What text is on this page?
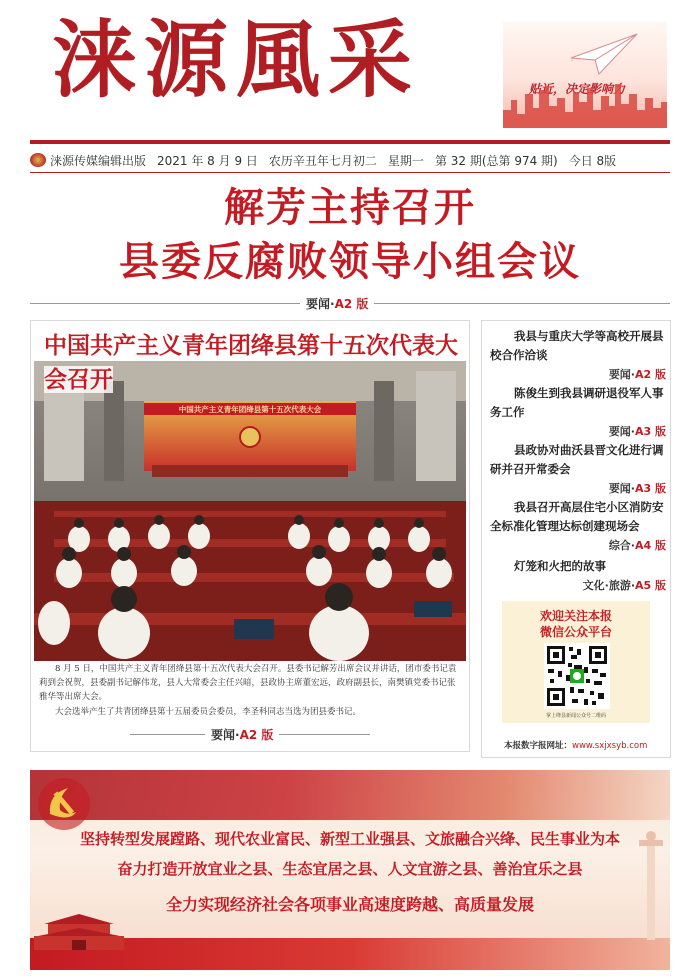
涞源風采	贴近，决定影响力
涞源传媒编辑出版 2021 年 8 月 9 日 农历辛丑年七月初二 星期一 第 32 期(总第 974 期) 今日 8版
解芳主持召开
县委反腐败领导小组会议
要闻·A2 版
中国共产主义青年团绛县第十五次代表大会
中国共产主义青年团绛县第十五次代表大会召开

8 月 5 日，中国共产主义青年团绛县第十五次代表大会召开。县委书记解芳出席会议并讲话，团市委书记袁莉到会祝贺，县委副书记解伟龙，县人大常委会主任兴暗，县政协主席董宏远，政府副县长，南樊镇党委书记张雅华等出席大会。

大会选举产生了共青团绛县第十五届委员会委员，李圣科同志当选为团县委书记。

要闻·A2 版
我县与重庆大学等高校开展县校合作洽谈
要闻·A2 版
陈俊生到我县调研退役军人事务工作
要闻·A3 版
县政协对曲沃县晋文化进行调研并召开常委会
要闻·A3 版
我县召开高层住宅小区消防安全标准化管理达标创建现场会
综合·A4 版
灯笼和火把的故事
文化·旅游·A5 版
欢迎关注本报
微信公众平台
掌上绛县新闻公众号二维码
本报数字报网址：www.sxjxsyb.com
坚持转型发展蹚路、现代农业富民、新型工业强县、文旅融合兴绛、民生事业为本
奋力打造开放宜业之县、生态宜居之县、人文宜游之县、善治宜乐之县
全力实现经济社会各项事业高速度跨越、高质量发展
